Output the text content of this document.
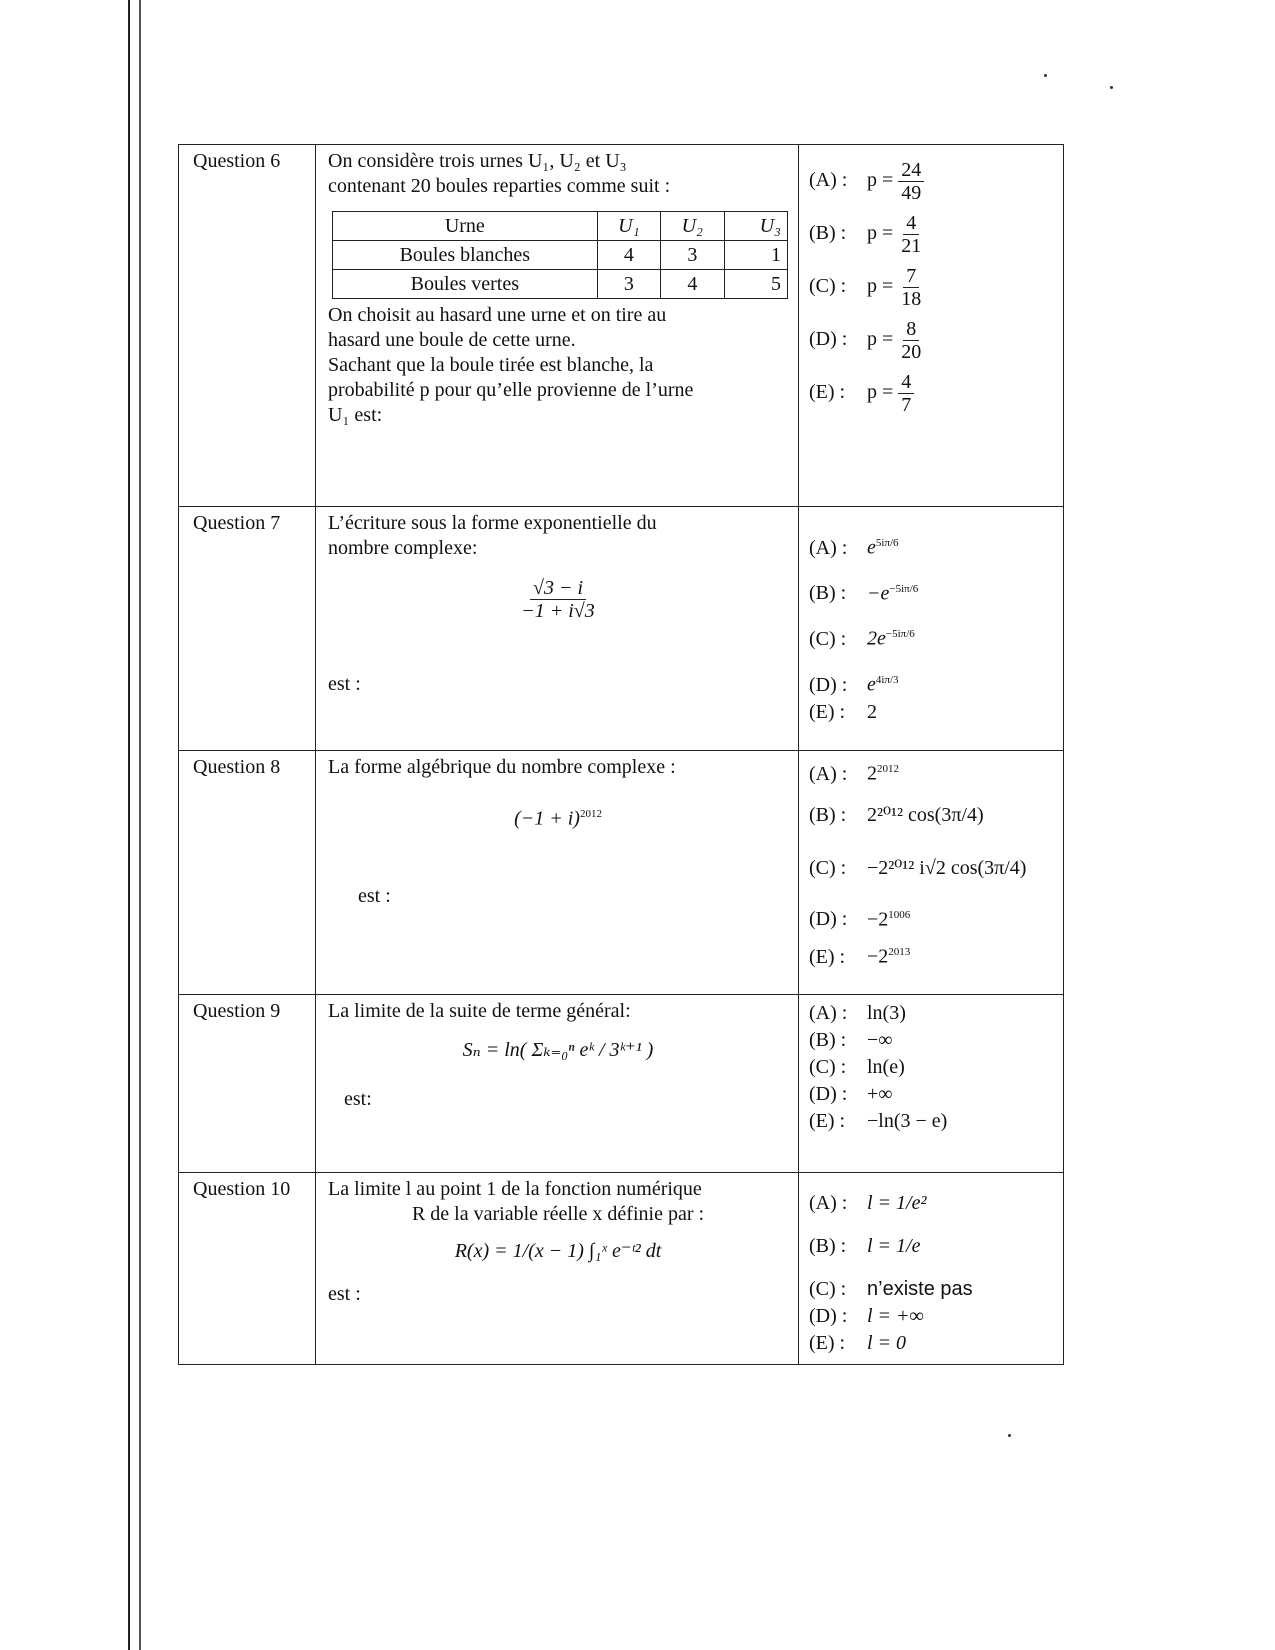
Question 6	On considère trois urnes U₁, U₂ et U₃
contenant 20 boules reparties comme suit :
Urne	U₁	U₂	U₃
Boules blanches	4	3	1
Boules vertes	3	4	5
On choisit au hasard une urne et on tire au
hasard une boule de cette urne.
Sachant que la boule tirée est blanche, la
probabilité p pour qu’elle provienne de l’urne
U₁ est:

(A) : $p = \frac{24}{49}$
(B) : $p = \frac{4}{21}$
(C) : $p = \frac{7}{18}$
(D) : $p = \frac{8}{20}$
(E) : $p = \frac{4}{7}$

Question 7	L’écriture sous la forme exponentielle du
nombre complexe:
$\frac{√3 - i}{-1 + i√3}$
est :

(A) : $e^{5i\pi/6}$
(B) : $-e^{-5i\pi/6}$
(C) : $2e^{-5i\pi/6}$
(D) : $e^{4i\pi/3}$
(E) : 2

Question 8	La forme algébrique du nombre complexe :
$(-1 + i)^{2012}$
est :

(A) : $2^{2012}$
(B) : 2²⁰¹² cos(3π/4)
(C) : −2²⁰¹² i√2 cos(3π/4)
(D) : $-2^{1006}$
(E) : $-2^{2013}$

Question 9	La limite de la suite de terme général:
Sₙ = ln( Σₖ₌₀ⁿ eᵏ / 3ᵏ⁺¹ )
est:

(A) : ln(3)
(B) : −∞
(C) : ln(e)
(D) : +∞
(E) : −ln(3 − e)

Question 10	La limite l au point 1 de la fonction numérique
R de la variable réelle x définie par :
R(x) = 1/(x − 1) ∫₁ˣ e⁻ᵗ² dt
est :

(A) : l = 1/e²
(B) : l = 1/e
(C) : n’existe pas
(D) : l = +∞
(E) : l = 0
